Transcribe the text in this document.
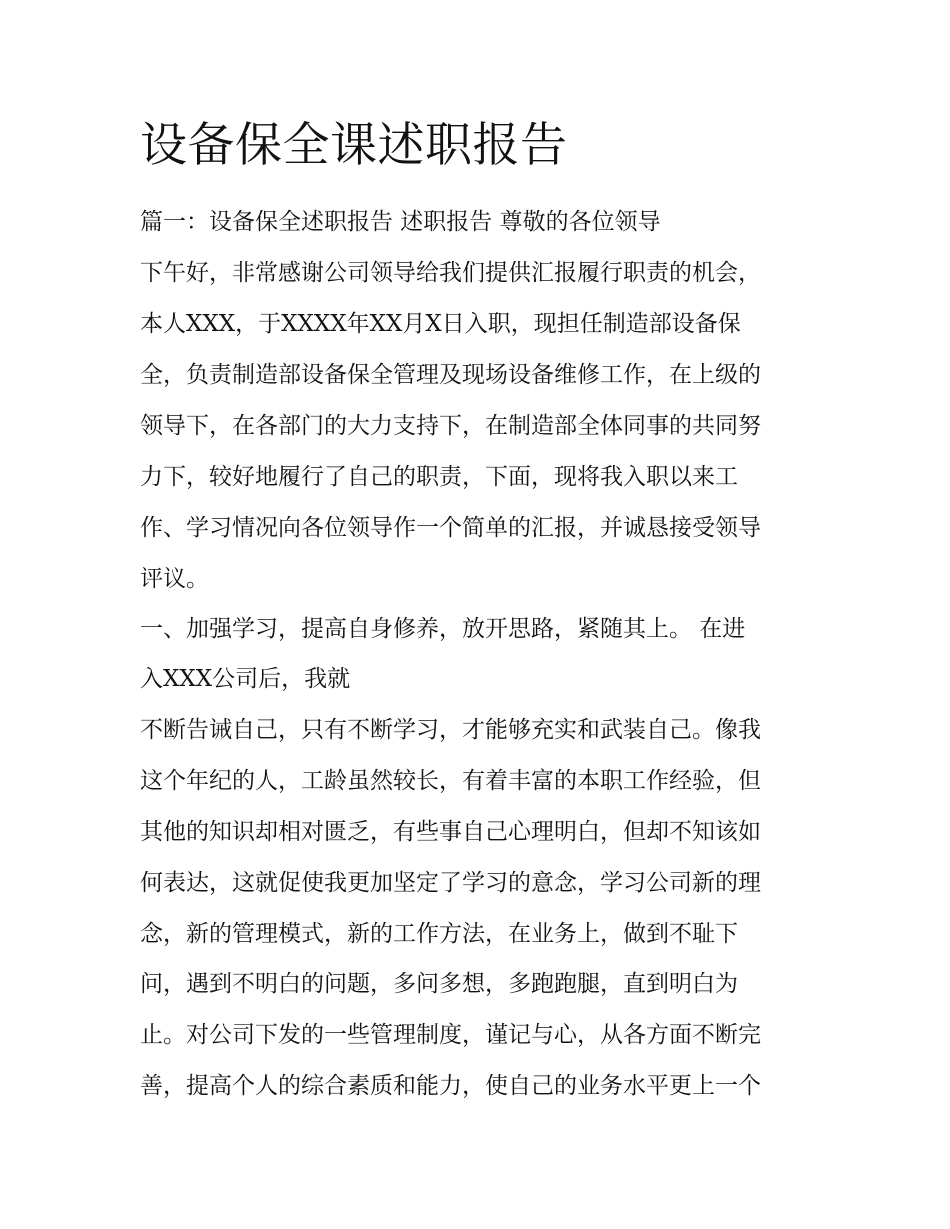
设备保全课述职报告
篇一：设备保全述职报告 述职报告 尊敬的各位领导
下午好，非常感谢公司领导给我们提供汇报履行职责的机会，
本人XXX，于XXXX年XX月X日入职，现担任制造部设备保
全，负责制造部设备保全管理及现场设备维修工作，在上级的
领导下，在各部门的大力支持下，在制造部全体同事的共同努
力下，较好地履行了自己的职责，下面，现将我入职以来工
作、学习情况向各位领导作一个简单的汇报，并诚恳接受领导
评议。
一、加强学习，提高自身修养，放开思路，紧随其上。 在进
入XXX公司后，我就
不断告诫自己，只有不断学习，才能够充实和武装自己。像我
这个年纪的人，工龄虽然较长，有着丰富的本职工作经验，但
其他的知识却相对匮乏，有些事自己心理明白，但却不知该如
何表达，这就促使我更加坚定了学习的意念，学习公司新的理
念，新的管理模式，新的工作方法，在业务上，做到不耻下
问，遇到不明白的问题，多问多想，多跑跑腿，直到明白为
止。对公司下发的一些管理制度，谨记与心，从各方面不断完
善，提高个人的综合素质和能力，使自己的业务水平更上一个
